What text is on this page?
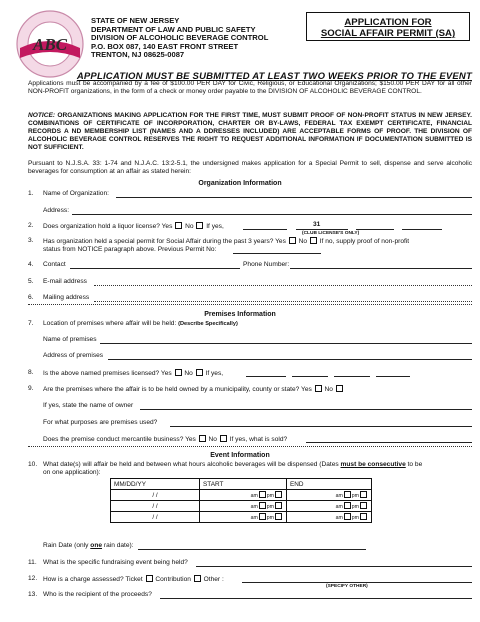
ABC
STATE OF NEW JERSEY
DEPARTMENT OF LAW AND PUBLIC SAFETY
DIVISION OF ALCOHOLIC BEVERAGE CONTROL
P.O. BOX 087, 140 EAST FRONT STREET
TRENTON, NJ 08625-0087
APPLICATION FOR
SOCIAL AFFAIR PERMIT (SA)
APPLICATION MUST BE SUBMITTED AT LEAST TWO WEEKS PRIOR TO THE EVENT
Applications must be accompanied by a fee of $100.00 PER DAY for Civic, Religious, or Educational Organizations; $150.00 PER DAY for all other NON-PROFIT organizations, in the form of a check or money order payable to the DIVISION OF ALCOHOLIC BEVERAGE CONTROL.
NOTICE: ORGANIZATIONS MAKING APPLICATION FOR THE FIRST TIME, MUST SUBMIT PROOF OF NON-PROFIT STATUS IN NEW JERSEY. COMBINATIONS OF CERTIFICATE OF INCORPORATION, CHARTER OR BY-LAWS, FEDERAL TAX EXEMPT CERTIFICATE, FINANCIAL RECORDS A ND MEMBERSHIP LIST (NAMES AND A DDRESSES INCLUDED) ARE ACCEPTABLE FORMS OF PROOF. THE DIVISION OF ALCOHOLIC BEVERAGE CONTROL RESERVES THE RIGHT TO REQUEST ADDITIONAL INFORMATION IF DOCUMENTATION SUBMITTED IS NOT SUFFICIENT.
Pursuant to N.J.S.A. 33: 1-74 and N.J.A.C. 13:2-5.1, the undersigned makes application for a Special Permit to sell, dispense and serve alcoholic beverages for consumption at an affair as stated herein:
Organization Information
1. Name of Organization:
Address:
2. Does organization hold a liquor license? Yes No If yes,	31
(CLUB LICENSE'S ONLY)
3. Has organization held a special permit for Social Affair during the past 3 years? Yes No If no, supply proof of non-profit
status from NOTICE paragraph above. Previous Permit No:
4. Contact	Phone Number:
5. E-mail address
6. Mailing address
Premises Information
7. Location of premises where affair will be held: (Describe Specifically)
Name of premises
Address of premises
8. Is the above named premises licensed? Yes No If yes,
9. Are the premises where the affair is to be held owned by a municipality, county or state? Yes No
If yes, state the name of owner
For what purposes are premises used?
Does the premise conduct mercantile business? Yes No If yes, what is sold?
Event Information
10. What date(s) will affair be held and between what hours alcoholic beverages will be dispensed (Dates must be consecutive to be
on one application):
MM/DD/YY	START	END
/ /	am pm	am pm
/ /	am pm	am pm
/ /	am pm	am pm
Rain Date (only one rain date):
11. What is the specific fundraising event being held?
12. How is a charge assessed? Ticket Contribution Other :
(SPECIFY OTHER)
13. Who is the recipient of the proceeds?
